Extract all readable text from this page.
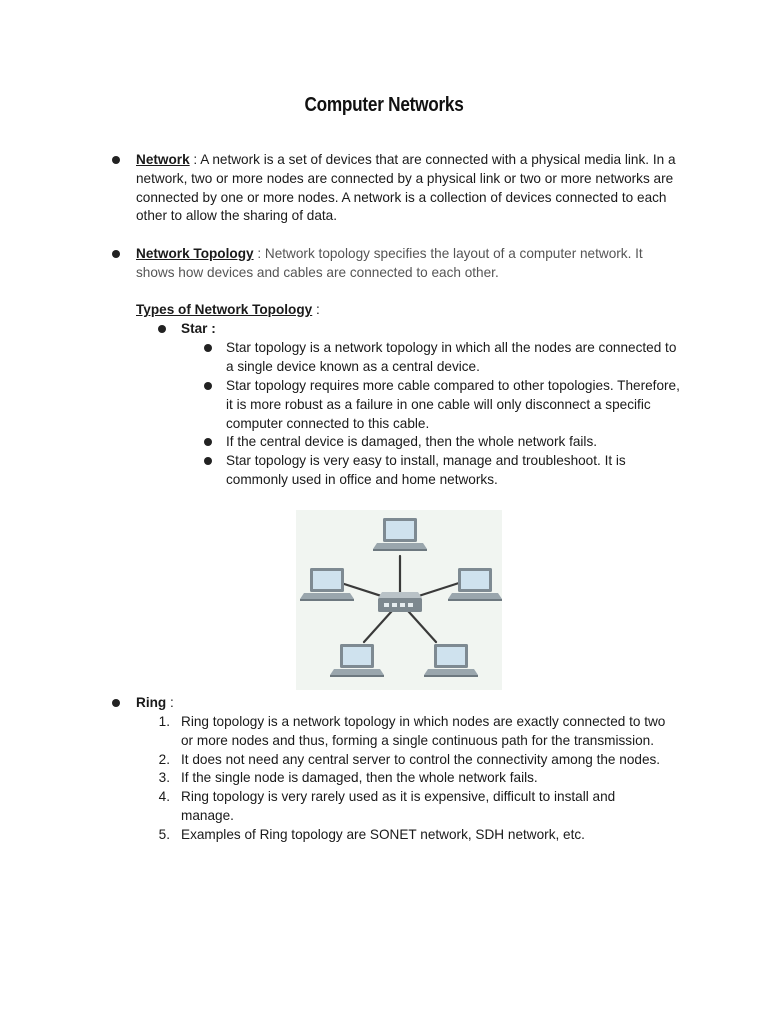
Computer Networks
Network : A network is a set of devices that are connected with a physical media link. In a network, two or more nodes are connected by a physical link or two or more networks are connected by one or more nodes. A network is a collection of devices connected to each other to allow the sharing of data.
Network Topology : Network topology specifies the layout of a computer network. It shows how devices and cables are connected to each other.
Types of Network Topology :
Star :
Star topology is a network topology in which all the nodes are connected to a single device known as a central device.
Star topology requires more cable compared to other topologies. Therefore, it is more robust as a failure in one cable will only disconnect a specific computer connected to this cable.
If the central device is damaged, then the whole network fails.
Star topology is very easy to install, manage and troubleshoot. It is commonly used in office and home networks.
Ring :
1. Ring topology is a network topology in which nodes are exactly connected to two or more nodes and thus, forming a single continuous path for the transmission.
2. It does not need any central server to control the connectivity among the nodes.
3. If the single node is damaged, then the whole network fails.
4. Ring topology is very rarely used as it is expensive, difficult to install and manage.
5. Examples of Ring topology are SONET network, SDH network, etc.
